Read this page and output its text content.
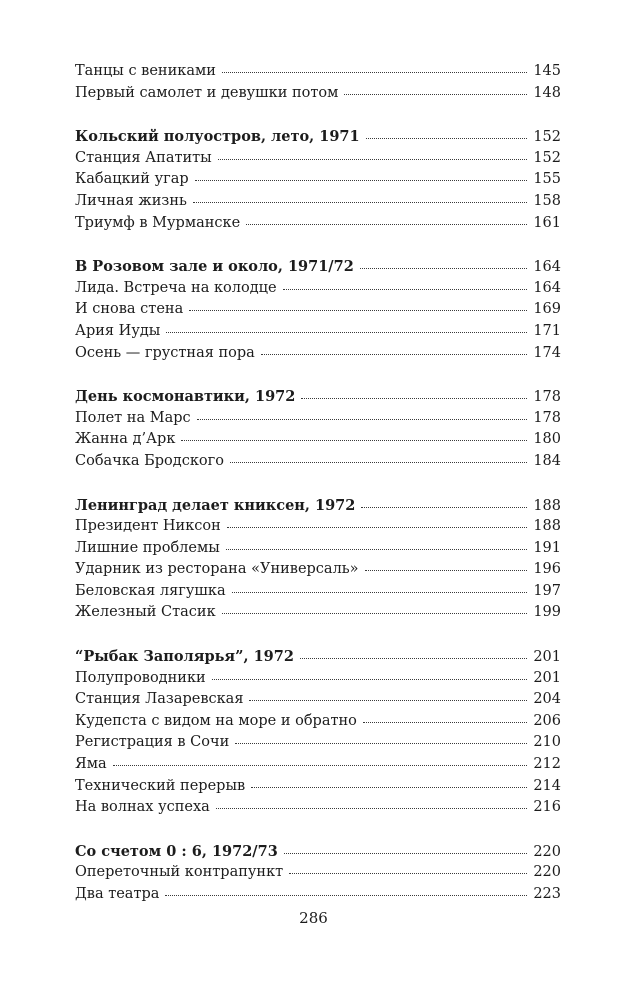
Танцы с вениками	145
Первый самолет и девушки потом	148
Кольский полуостров, лето, 1971	152
Станция Апатиты	152
Кабацкий угар	155
Личная жизнь	158
Триумф в Мурманске	161
В Розовом зале и около, 1971/72	164
Лида. Встреча на колодце	164
И снова стена	169
Ария Иуды	171
Осень — грустная пора	174
День космонавтики, 1972	178
Полет на Марс	178
Жанна д’Арк	180
Собачка Бродского	184
Ленинград делает книксен, 1972	188
Президент Никсон	188
Лишние проблемы	191
Ударник из ресторана «Универсаль»	196
Беловская лягушка	197
Железный Стасик	199
“Рыбак Заполярья”, 1972	201
Полупроводники	201
Станция Лазаревская	204
Кудепста с видом на море и обратно	206
Регистрация в Сочи	210
Яма	212
Технический перерыв	214
На волнах успеха	216
Со счетом 0 : 6, 1972/73	220
Опереточный контрапункт	220
Два театра	223
286
